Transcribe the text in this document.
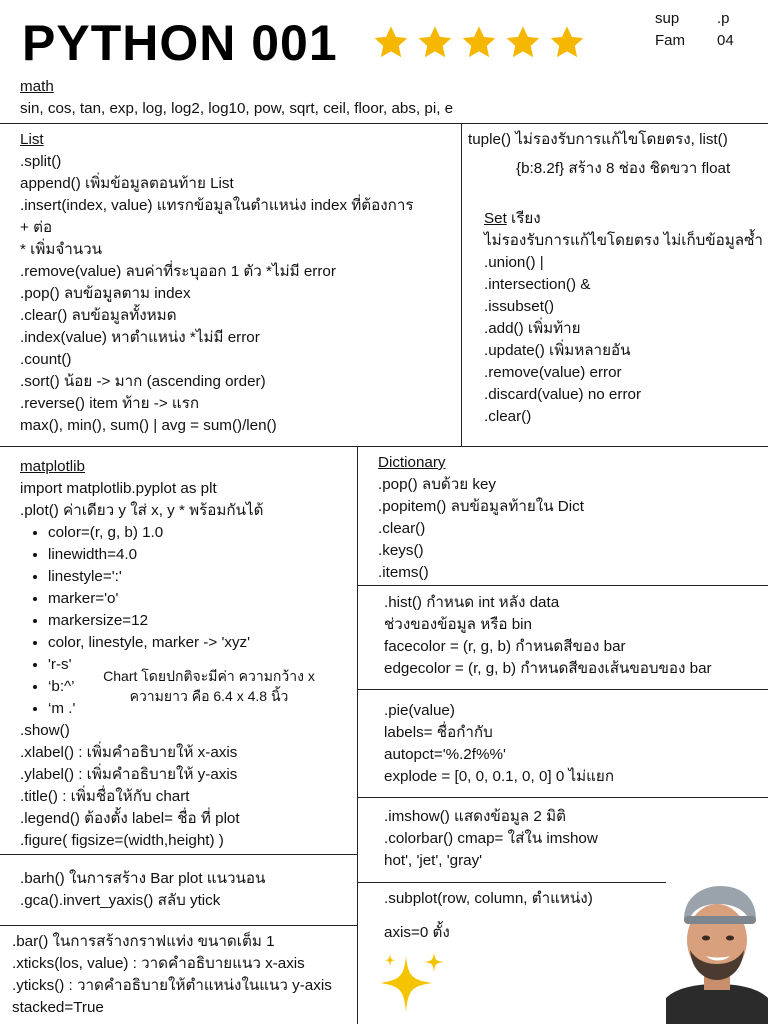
PYTHON 001	sup	.p
Fam 04
math
sin, cos, tan, exp, log, log2, log10, pow, sqrt, ceil, floor, abs, pi, e
List
.split()
append() เพิ่มข้อมูลตอนท้าย List
.insert(index, value) แทรกข้อมูลในตำแหน่ง index ที่ต้องการ
+ ต่อ
* เพิ่มจำนวน
.remove(value) ลบค่าที่ระบุออก 1 ตัว *ไม่มี error
.pop() ลบข้อมูลตาม index
.clear() ลบข้อมูลทั้งหมด
.index(value) หาตำแหน่ง *ไม่มี error
.count()
.sort() น้อย -> มาก (ascending order)
.reverse() item ท้าย -> แรก
max(), min(), sum() | avg = sum()/len()
tuple() ไม่รองรับการแก้ไขโดยตรง, list()
{b:8.2f} สร้าง 8 ช่อง ชิดขวา float
Set เรียง
ไม่รองรับการแก้ไขโดยตรง ไม่เก็บข้อมูลซ้ำ
.union() |
.intersection() &
.issubset()
.add() เพิ่มท้าย
.update() เพิ่มหลายอัน
.remove(value) error
.discard(value) no error
.clear()
matplotlib
import matplotlib.pyplot as plt
.plot() ค่าเดียว y ใส่ x, y * พร้อมกันได้
• color=(r, g, b) 1.0
• linewidth=4.0
• linestyle=':'
• marker='o'
• markersize=12
• color, linestyle, marker -> 'xyz'
• 'r-s'
• ‘b:^’
• ‘m .'
.show()
.xlabel() : เพิ่มคำอธิบายให้ x-axis
.ylabel() : เพิ่มคำอธิบายให้ y-axis
.title() : เพิ่มชื่อให้กับ chart
.legend() ต้องตั้ง label= ชื่อ ที่ plot
.figure( figsize=(width,height) )
Chart โดยปกติจะมีค่า ความกว้าง x
ความยาว คือ 6.4 x 4.8 นิ้ว
Dictionary
.pop() ลบด้วย key
.popitem() ลบข้อมูลท้ายใน Dict
.clear()
.keys()
.items()
.hist() กำหนด int หลัง data
ช่วงของข้อมูล หรือ bin
facecolor = (r, g, b) กำหนดสีของ bar
edgecolor = (r, g, b) กำหนดสีของเส้นขอบของ bar
.pie(value)
labels= ชื่อกำกับ
autopct='%.2f%%'
explode = [0, 0, 0.1, 0, 0] 0 ไม่แยก
.imshow() แสดงข้อมูล 2 มิติ
.colorbar() cmap= ใส่ใน imshow
hot', 'jet', 'gray'
.barh() ในการสร้าง Bar plot แนวนอน
.gca().invert_yaxis() สลับ ytick	.subplot(row, column, ตำแหน่ง)
axis=0 ตั้ง
.bar() ในการสร้างกราฟแท่ง ขนาดเต็ม 1
.xticks(los, value) : วาดคำอธิบายแนว x-axis
.yticks() : วาดคำอธิบายให้ตำแหน่งในแนว y-axis
stacked=True
